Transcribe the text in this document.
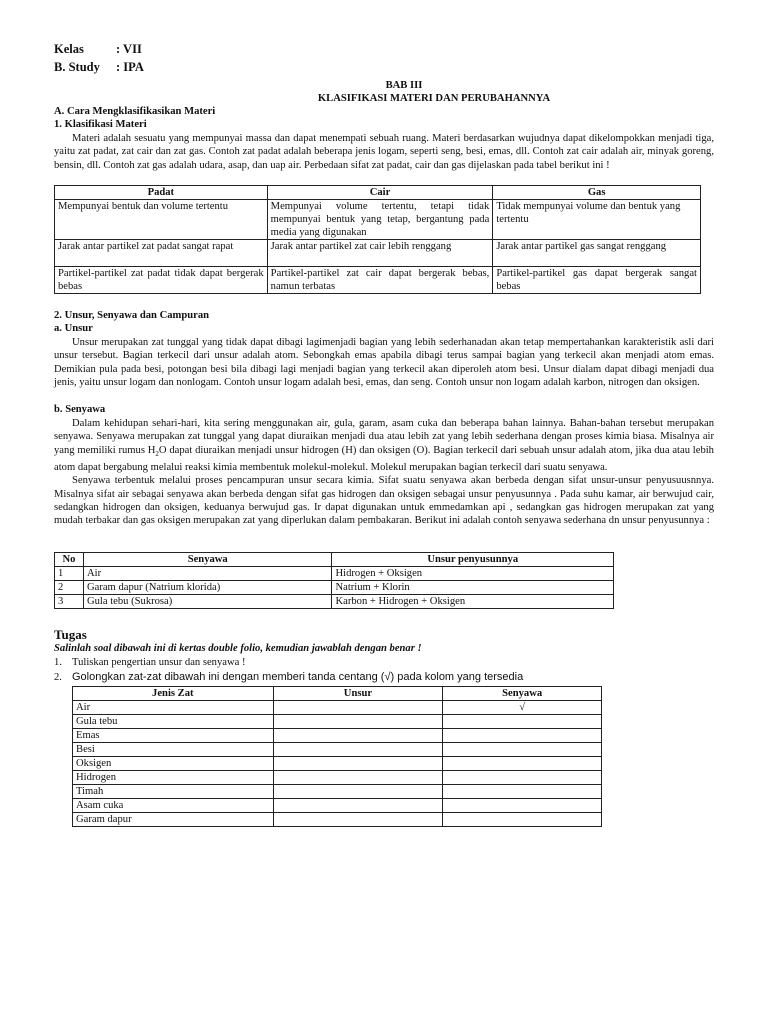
Kelas	: VII
B. Study : IPA
BAB III
KLASIFIKASI MATERI DAN PERUBAHANNYA
A. Cara Mengklasifikasikan Materi
1. Klasifikasi Materi

Materi adalah sesuatu yang mempunyai massa dan dapat menempati sebuah ruang. Materi berdasarkan wujudnya dapat dikelompokkan menjadi tiga, yaitu zat padat, zat cair dan zat gas. Contoh zat padat adalah beberapa jenis logam, seperti seng, besi, emas, dll. Contoh zat cair adalah air, minyak goreng, bensin, dll. Contoh zat gas adalah udara, asap, dan uap air. Perbedaan sifat zat padat, cair dan gas dijelaskan pada tabel berikut ini !

Padat	Cair	Gas
Mempunyai bentuk dan volume tertentu	Mempunyai volume tertentu, tetapi tidak mempunyai bentuk yang tetap, bergantung pada media yang digunakan	Tidak mempunyai volume dan bentuk yang tertentu
Jarak antar partikel zat padat sangat rapat	Jarak antar partikel zat cair lebih renggang	Jarak antar partikel gas sangat renggang
Partikel-partikel zat padat tidak dapat bergerak bebas	Partikel-partikel zat cair dapat bergerak bebas, namun terbatas	Partikel-partikel gas dapat bergerak sangat bebas
2. Unsur, Senyawa dan Campuran
a. Unsur

Unsur merupakan zat tunggal yang tidak dapat dibagi lagimenjadi bagian yang lebih sederhanadan akan tetap mempertahankan karakteristik asli dari unsur tersebut. Bagian terkecil dari unsur adalah atom. Sebongkah emas apabila dibagi terus sampai bagian yang terkecil akan menjadi atom emas. Demikian pula pada besi, potongan besi bila dibagi lagi menjadi bagian yang terkecil akan diperoleh atom besi. Unsur dialam dapat dibagi menjadi dua jenis, yaitu unsur logam dan nonlogam. Contoh unsur logam adalah besi, emas, dan seng. Contoh unsur non logam adalah karbon, nitrogen dan oksigen.

b. Senyawa

Dalam kehidupan sehari-hari, kita sering menggunakan air, gula, garam, asam cuka dan beberapa bahan lainnya. Bahan-bahan tersebut merupakan senyawa. Senyawa merupakan zat tunggal yang dapat diuraikan menjadi dua atau lebih zat yang lebih sederhana dengan proses kimia biasa. Misalnya air yang memiliki rumus $H_2O$ dapat diuraikan menjadi unsur hidrogen (H) dan oksigen (O). Bagian terkecil dari sebuah unsur adalah atom, jika dua atau lebih atom dapat bergabung melalui reaksi kimia membentuk molekul-molekul. Molekul merupakan bagian terkecil dari suatu senyawa.

Senyawa terbentuk melalui proses pencampuran unsur secara kimia. Sifat suatu senyawa akan berbeda dengan sifat unsur-unsur penyusuusnnya. Misalnya sifat air sebagai senyawa akan berbeda dengan sifat gas hidrogen dan oksigen sebagai unsur penyusunnya . Pada suhu kamar, air berwujud cair, sedangkan hidrogen dan oksigen, keduanya berwujud gas. Ir dapat digunakan untuk emmedamkan api , sedangkan gas hidrogen merupakan zat yang mudah terbakar dan gas oksigen merupakan zat yang diperlukan dalam pembakaran. Berikut ini adalah contoh senyawa sederhana dn unsur penyusunnya :

No	Senyawa	Unsur penyusunnya
1	Air	Hidrogen + Oksigen
2	Garam dapur (Natrium klorida)	Natrium + Klorin
3	Gula tebu (Sukrosa)	Karbon + Hidrogen + Oksigen
Tugas
Salinlah soal dibawah ini di kertas double folio, kemudian jawablah dengan benar !
1. Tuliskan pengertian unsur dan senyawa !
2. Golongkan zat-zat dibawah ini dengan memberi tanda centang (√) pada kolom yang tersedia
Jenis Zat	Unsur	Senyawa
Air		√
Gula tebu		
Emas		
Besi		
Oksigen		
Hidrogen		
Timah		
Asam cuka		
Garam dapur		
